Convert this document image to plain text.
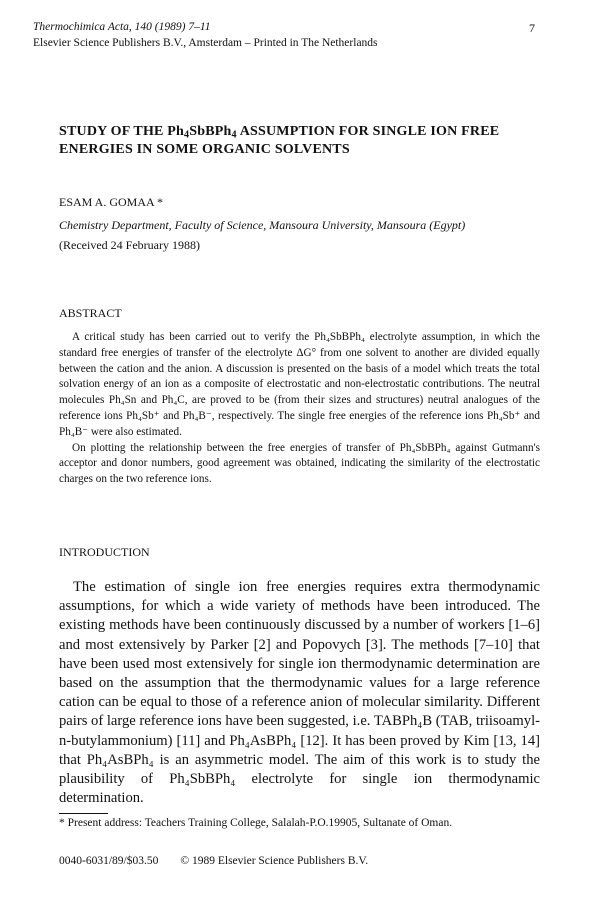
Thermochimica Acta, 140 (1989) 7–11	7
Elsevier Science Publishers B.V., Amsterdam – Printed in The Netherlands
STUDY OF THE $Ph_4SbBPh_4$ ASSUMPTION FOR SINGLE ION FREE
ENERGIES IN SOME ORGANIC SOLVENTS
ESAM A. GOMAA *
Chemistry Department, Faculty of Science, Mansoura University, Mansoura (Egypt)
(Received 24 February 1988)
ABSTRACT

A critical study has been carried out to verify the Ph₄SbBPh₄ electrolyte assumption, in which the standard free energies of transfer of the electrolyte ΔG° from one solvent to another are divided equally between the cation and the anion. A discussion is presented on the basis of a model which treats the total solvation energy of an ion as a composite of electrostatic and non-electrostatic contributions. The neutral molecules Ph₄Sn and Ph₄C, are proved to be (from their sizes and structures) neutral analogues of the reference ions Ph₄Sb⁺ and Ph₄B⁻, respectively. The single free energies of the reference ions Ph₄Sb⁺ and Ph₄B⁻ were also estimated.

On plotting the relationship between the free energies of transfer of Ph₄SbBPh₄ against Gutmann's acceptor and donor numbers, good agreement was obtained, indicating the similarity of the electrostatic charges on the two reference ions.

INTRODUCTION

The estimation of single ion free energies requires extra thermodynamic assumptions, for which a wide variety of methods have been introduced. The existing methods have been continuously discussed by a number of workers [1–6] and most extensively by Parker [2] and Popovych [3]. The methods [7–10] that have been used most extensively for single ion thermodynamic determination are based on the assumption that the thermodynamic values for a large reference cation can be equal to those of a reference anion of molecular similarity. Different pairs of large reference ions have been suggested, i.e. TABPh₄B (TAB, triisoamyl-n-butylammonium) [11] and Ph₄AsBPh₄ [12]. It has been proved by Kim [13, 14] that Ph₄AsBPh₄ is an asymmetric model. The aim of this work is to study the plausibility of Ph₄SbBPh₄ electrolyte for single ion thermodynamic determination.

* Present address: Teachers Training College, Salalah-P.O.19905, Sultanate of Oman.
0040-6031/89/$03.50 © 1989 Elsevier Science Publishers B.V.
